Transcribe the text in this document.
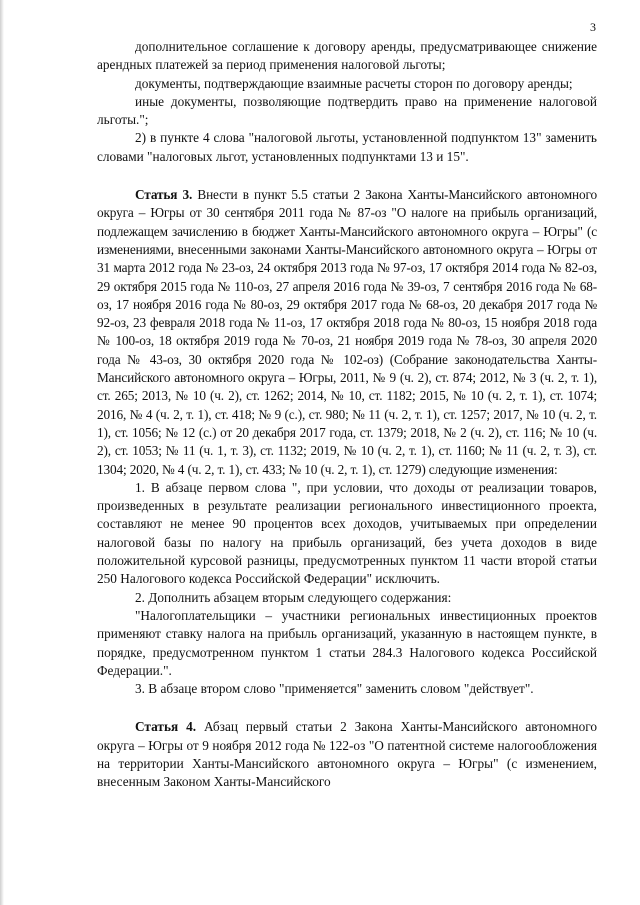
3

дополнительное соглашение к договору аренды, предусматривающее снижение арендных платежей за период применения налоговой льготы;

документы, подтверждающие взаимные расчеты сторон по договору аренды;

иные документы, позволяющие подтвердить право на применение налоговой льготы.";

2) в пункте 4 слова "налоговой льготы, установленной подпунктом 13" заменить словами "налоговых льгот, установленных подпунктами 13 и 15".

Статья 3. Внести в пункт 5.5 статьи 2 Закона Ханты-Мансийского автономного округа – Югры от 30 сентября 2011 года № 87-оз "О налоге на прибыль организаций, подлежащем зачислению в бюджет Ханты-Мансийского автономного округа – Югры" (с изменениями, внесенными законами Ханты-Мансийского автономного округа – Югры от 31 марта 2012 года № 23-оз, 24 октября 2013 года № 97-оз, 17 октября 2014 года № 82-оз, 29 октября 2015 года № 110-оз, 27 апреля 2016 года № 39-оз, 7 сентября 2016 года № 68-оз, 17 ноября 2016 года № 80-оз, 29 октября 2017 года № 68-оз, 20 декабря 2017 года № 92-оз, 23 февраля 2018 года № 11-оз, 17 октября 2018 года № 80-оз, 15 ноября 2018 года № 100-оз, 18 октября 2019 года № 70-оз, 21 ноября 2019 года № 78-оз, 30 апреля 2020 года № 43-оз, 30 октября 2020 года № 102-оз) (Собрание законодательства Ханты-Мансийского автономного округа – Югры, 2011, № 9 (ч. 2), ст. 874; 2012, № 3 (ч. 2, т. 1), ст. 265; 2013, № 10 (ч. 2), ст. 1262; 2014, № 10, ст. 1182; 2015, № 10 (ч. 2, т. 1), ст. 1074; 2016, № 4 (ч. 2, т. 1), ст. 418; № 9 (с.), ст. 980; № 11 (ч. 2, т. 1), ст. 1257; 2017, № 10 (ч. 2, т. 1), ст. 1056; № 12 (с.) от 20 декабря 2017 года, ст. 1379; 2018, № 2 (ч. 2), ст. 116; № 10 (ч. 2), ст. 1053; № 11 (ч. 1, т. 3), ст. 1132; 2019, № 10 (ч. 2, т. 1), ст. 1160; № 11 (ч. 2, т. 3), ст. 1304; 2020, № 4 (ч. 2, т. 1), ст. 433; № 10 (ч. 2, т. 1), ст. 1279) следующие изменения:

1. В абзаце первом слова ", при условии, что доходы от реализации товаров, произведенных в результате реализации регионального инвестиционного проекта, составляют не менее 90 процентов всех доходов, учитываемых при определении налоговой базы по налогу на прибыль организаций, без учета доходов в виде положительной курсовой разницы, предусмотренных пунктом 11 части второй статьи 250 Налогового кодекса Российской Федерации" исключить.

2. Дополнить абзацем вторым следующего содержания:

"Налогоплательщики – участники региональных инвестиционных проектов применяют ставку налога на прибыль организаций, указанную в настоящем пункте, в порядке, предусмотренном пунктом 1 статьи 284.3 Налогового кодекса Российской Федерации.".

3. В абзаце втором слово "применяется" заменить словом "действует".

Статья 4. Абзац первый статьи 2 Закона Ханты-Мансийского автономного округа – Югры от 9 ноября 2012 года № 122-оз "О патентной системе налогообложения на территории Ханты-Мансийского автономного округа – Югры" (с изменением, внесенным Законом Ханты-Мансийского
